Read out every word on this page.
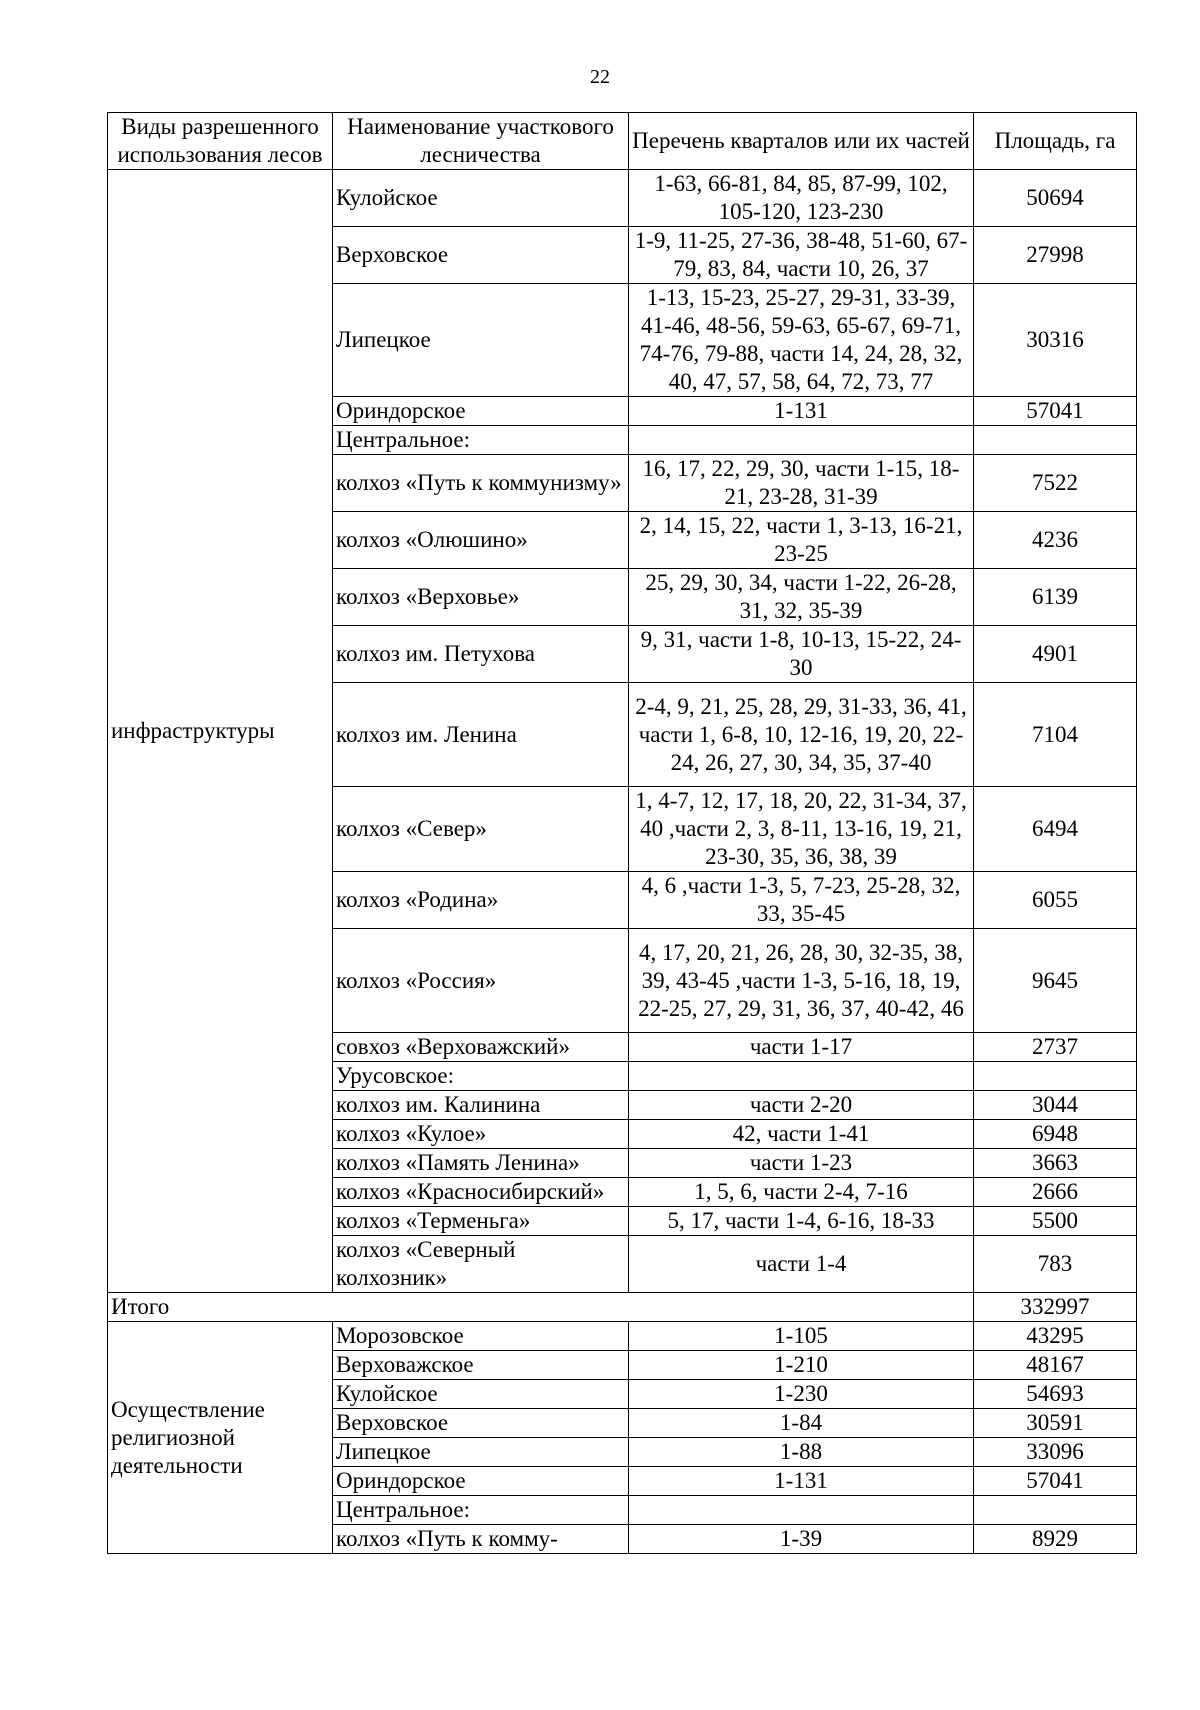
22
Виды разрешенного использования лесов	Наименование участкового лесничества	Перечень кварталов или их частей	Площадь, га
инфраструктуры	Кулойское	1-63, 66-81, 84, 85, 87-99, 102, 105-120, 123-230	50694
	Верховское	1-9, 11-25, 27-36, 38-48, 51-60, 67-79, 83, 84, части 10, 26, 37	27998
	Липецкое	1-13, 15-23, 25-27, 29-31, 33-39, 41-46, 48-56, 59-63, 65-67, 69-71, 74-76, 79-88, части 14, 24, 28, 32, 40, 47, 57, 58, 64, 72, 73, 77	30316
	Ориндорское	1-131	57041
	Центральное:		
	колхоз «Путь к коммунизму»	16, 17, 22, 29, 30, части 1-15, 18-21, 23-28, 31-39	7522
	колхоз «Олюшино»	2, 14, 15, 22, части 1, 3-13, 16-21, 23-25	4236
	колхоз «Верховье»	25, 29, 30, 34, части 1-22, 26-28, 31, 32, 35-39	6139
	колхоз им. Петухова	9, 31, части 1-8, 10-13, 15-22, 24-30	4901
	колхоз им. Ленина	2-4, 9, 21, 25, 28, 29, 31-33, 36, 41, части 1, 6-8, 10, 12-16, 19, 20, 22-24, 26, 27, 30, 34, 35, 37-40	7104
	колхоз «Север»	1, 4-7, 12, 17, 18, 20, 22, 31-34, 37, 40 ,части 2, 3, 8-11, 13-16, 19, 21, 23-30, 35, 36, 38, 39	6494
	колхоз «Родина»	4, 6 ,части 1-3, 5, 7-23, 25-28, 32, 33, 35-45	6055
	колхоз «Россия»	4, 17, 20, 21, 26, 28, 30, 32-35, 38, 39, 43-45 ,части 1-3, 5-16, 18, 19, 22-25, 27, 29, 31, 36, 37, 40-42, 46	9645
	совхоз «Верховажский»	части 1-17	2737
	Урусовское:		
	колхоз им. Калинина	части 2-20	3044
	колхоз «Кулое»	42, части 1-41	6948
	колхоз «Память Ленина»	части 1-23	3663
	колхоз «Красносибирский»	1, 5, 6, части 2-4, 7-16	2666
	колхоз «Терменьга»	5, 17, части 1-4, 6-16, 18-33	5500
	колхоз «Северный колхозник»	части 1-4	783
Итого			332997
Осуществление религиозной деятельности	Морозовское	1-105	43295
	Верховажское	1-210	48167
	Кулойское	1-230	54693
	Верховское	1-84	30591
	Липецкое	1-88	33096
	Ориндорское	1-131	57041
	Центральное:		
	колхоз «Путь к комму-	1-39	8929
